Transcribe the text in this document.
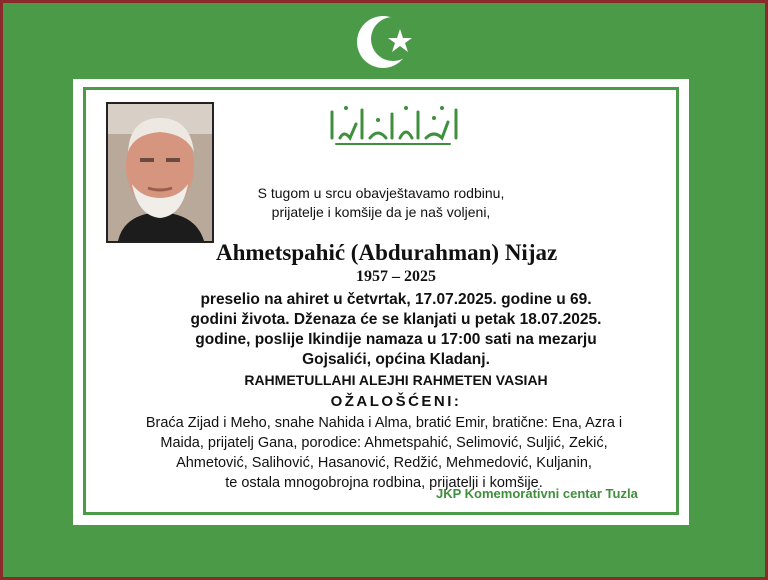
S tugom u srcu obavještavamo rodbinu,
prijatelje i komšije da je naš voljeni,
Ahmetspahić (Abdurahman) Nijaz
1957 – 2025
preselio na ahiret u četvrtak, 17.07.2025. godine u 69.
godini života. Dženaza će se klanjati u petak 18.07.2025.
godine, poslije Ikindije namaza u 17:00 sati na mezarju
Gojsalići, općina Kladanj.
RAHMETULLAHI ALEJHI RAHMETEN VASIAH
OŽALOŠĆENI:
Braća Zijad i Meho, snahe Nahida i Alma, bratić Emir, bratične: Ena, Azra i
Maida, prijatelj Gana, porodice: Ahmetspahić, Selimović, Suljić, Zekić,
Ahmetović, Salihović, Hasanović, Redžić, Mehmedović, Kuljanin,
te ostala mnogobrojna rodbina, prijatelji i komšije.
JKP Komemorativni centar Tuzla
